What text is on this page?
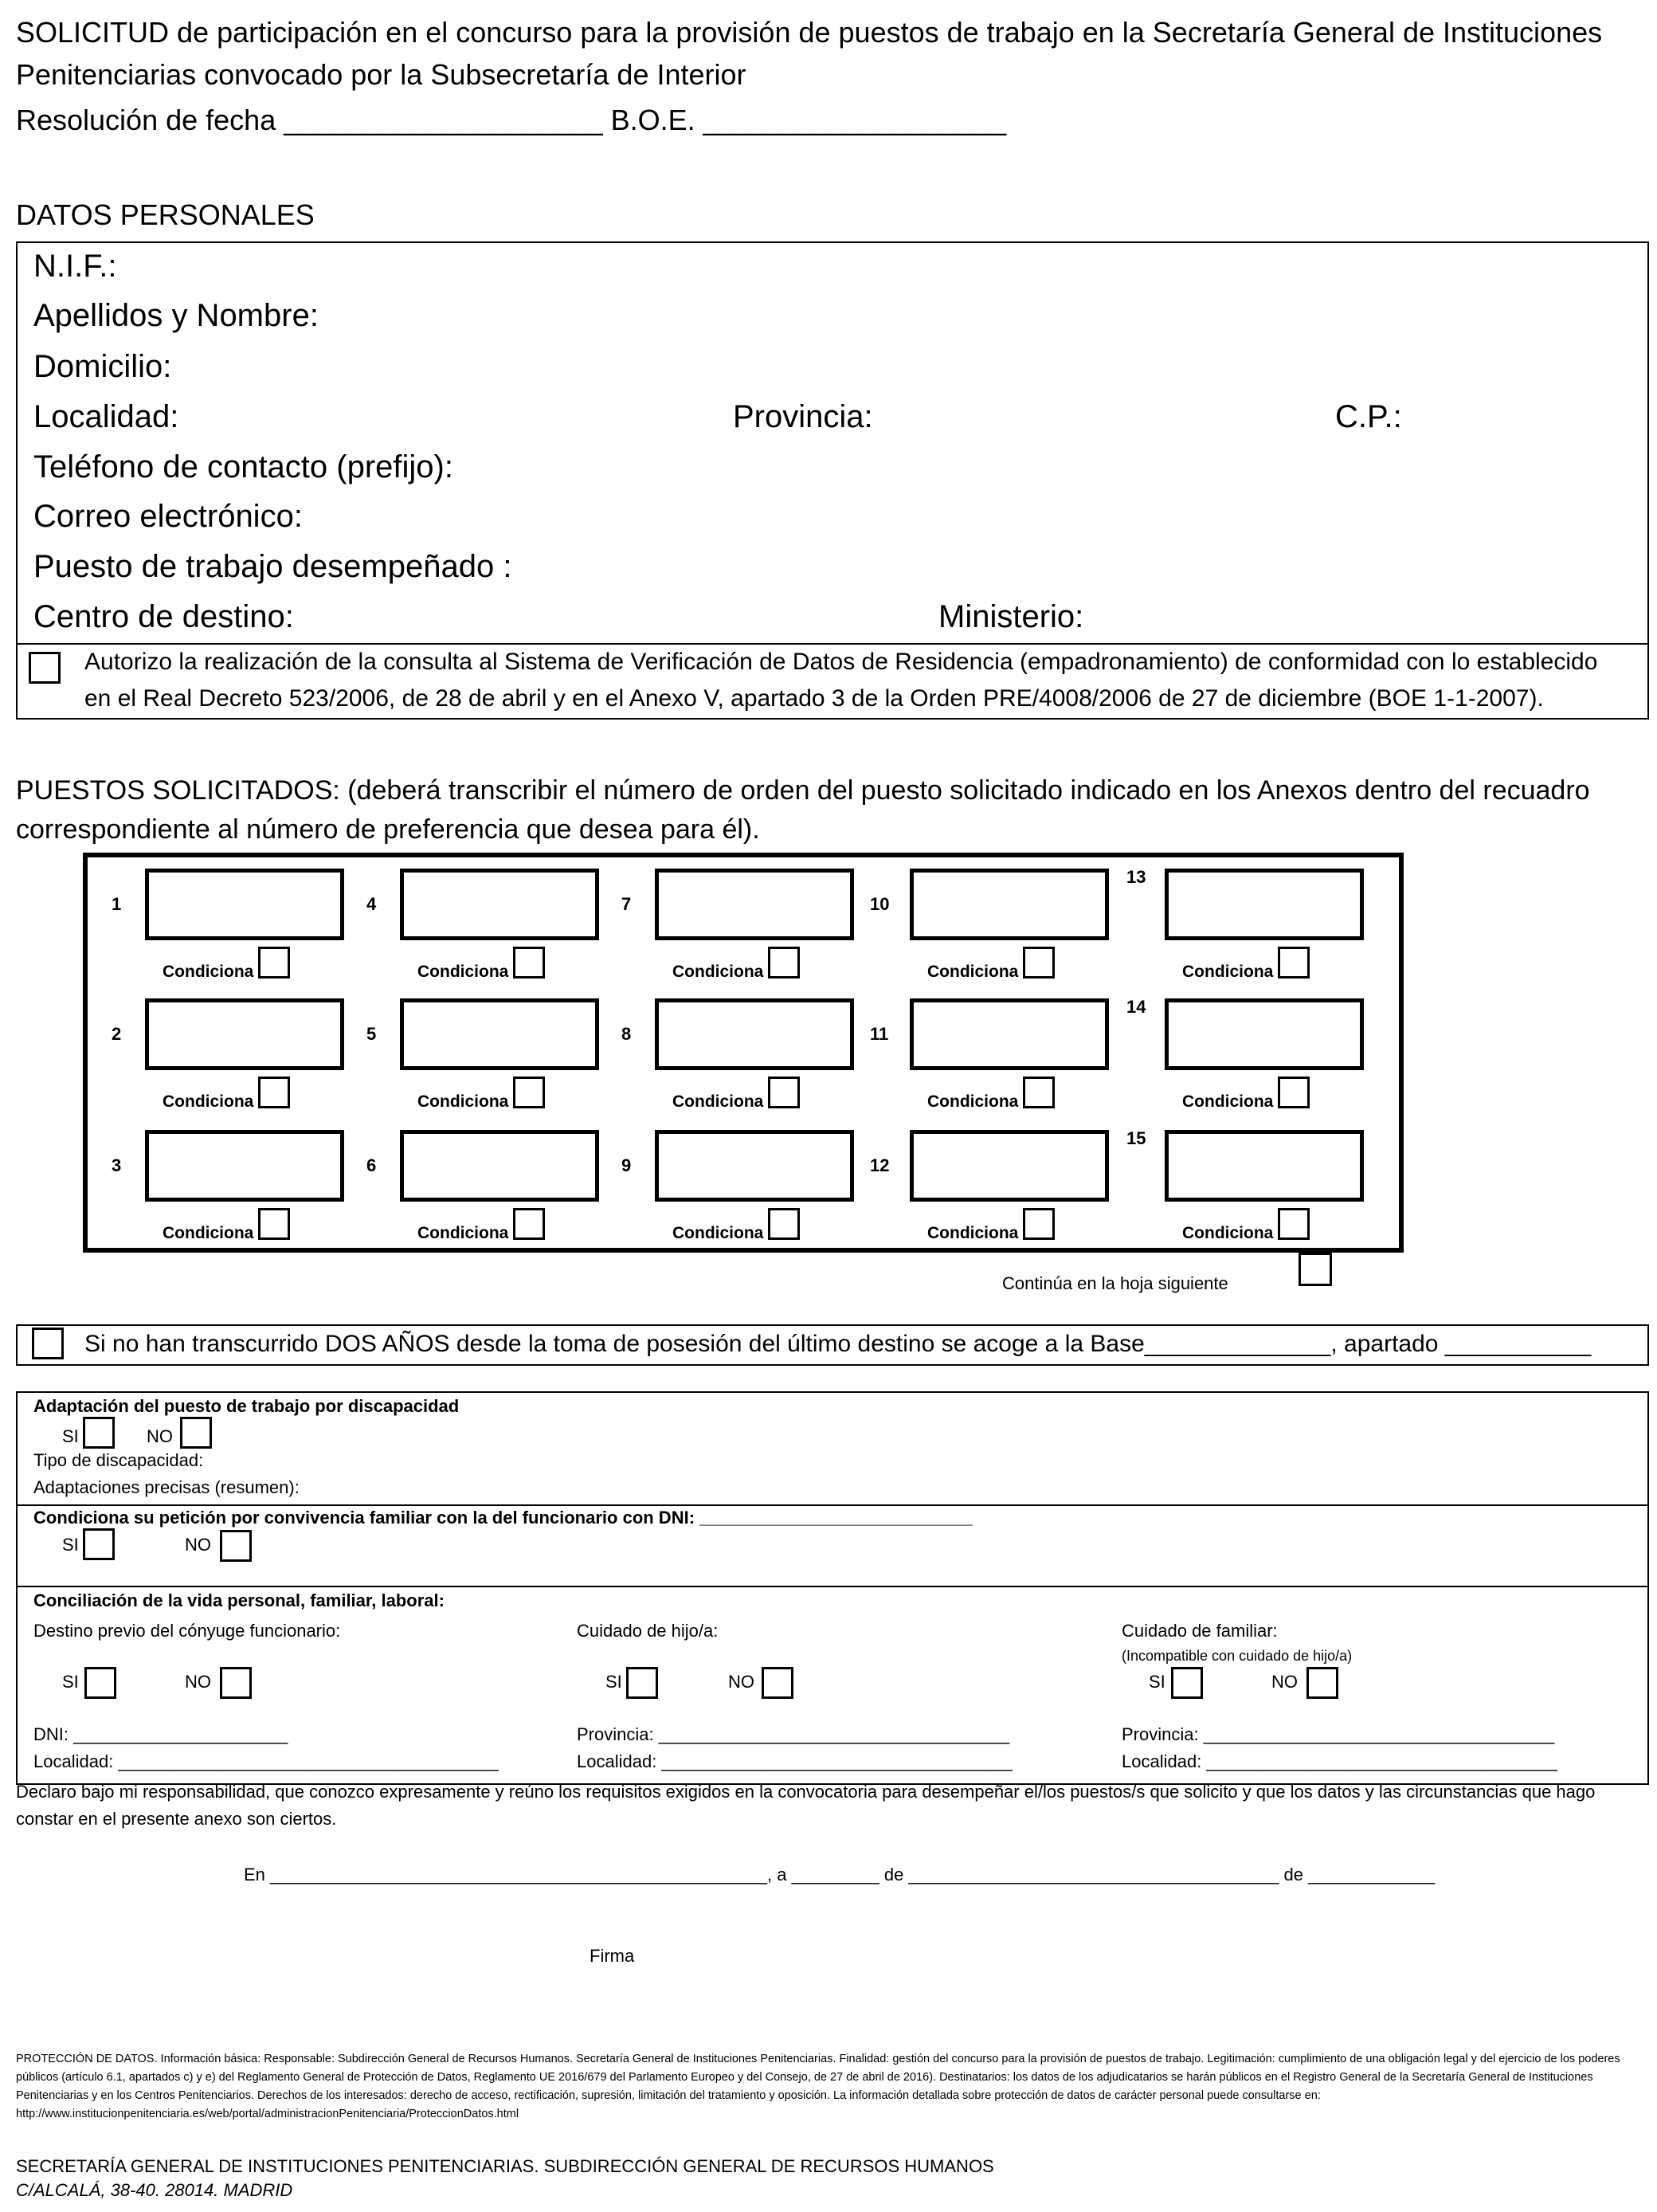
SOLICITUD de participación en el concurso para la provisión de puestos de trabajo en la Secretaría General de Instituciones
Penitenciarias convocado por la Subsecretaría de Interior
Resolución de fecha ____________________ B.O.E. ___________________
DATOS PERSONALES
N.I.F.:
Apellidos y Nombre:
Domicilio:
Localidad:	Provincia:	C.P.:
Teléfono de contacto (prefijo):
Correo electrónico:
Puesto de trabajo desempeñado :
Centro de destino:	Ministerio:
Autorizo la realización de la consulta al Sistema de Verificación de Datos de Residencia (empadronamiento) de conformidad con lo establecido
en el Real Decreto 523/2006, de 28 de abril y en el Anexo V, apartado 3 de la Orden PRE/4008/2006 de 27 de diciembre (BOE 1-1-2007).
PUESTOS SOLICITADOS: (deberá transcribir el número de orden del puesto solicitado indicado en los Anexos dentro del recuadro
correspondiente al número de preferencia que desea para él).
1
Condiciona
4
Condiciona
7
Condiciona
10
Condiciona
13
Condiciona
2
Condiciona
5
Condiciona
8
Condiciona
11
Condiciona
14
Condiciona
3
Condiciona
6
Condiciona
9
Condiciona
12
Condiciona
15
Condiciona
Continúa en la hoja siguiente
Si no han transcurrido DOS AÑOS desde la toma de posesión del último destino se acoge a la Base______________, apartado ___________
Adaptación del puesto de trabajo por discapacidad
SI	NO
Tipo de discapacidad:
Adaptaciones precisas (resumen):
Condiciona su petición por convivencia familiar con la del funcionario con DNI: ____________________________
SI	NO
Conciliación de la vida personal, familiar, laboral:
Destino previo del cónyuge funcionario:	Cuidado de hijo/a:	Cuidado de familiar:
(Incompatible con cuidado de hijo/a)
SI	NO	SI	NO	SI	NO
DNI: ______________________
Localidad: _______________________________________
Provincia: ____________________________________
Localidad: ____________________________________
Provincia: ____________________________________
Localidad: ____________________________________
Declaro bajo mi responsabilidad, que conozco expresamente y reúno los requisitos exigidos en la convocatoria para desempeñar el/los puestos/s que solicito y que los datos y las circunstancias que hago
constar en el presente anexo son ciertos.
En ___________________________________________________, a _________ de ______________________________________ de _____________
Firma
PROTECCIÓN DE DATOS. Información básica: Responsable: Subdirección General de Recursos Humanos. Secretaría General de Instituciones Penitenciarias. Finalidad: gestión del concurso para la provisión de puestos de trabajo. Legitimación: cumplimiento de una obligación legal y del ejercicio de los poderes
públicos (artículo 6.1, apartados c) y e) del Reglamento General de Protección de Datos, Reglamento UE 2016/679 del Parlamento Europeo y del Consejo, de 27 de abril de 2016). Destinatarios: los datos de los adjudicatarios se harán públicos en el Registro General de la Secretaría General de Instituciones
Penitenciarias y en los Centros Penitenciarios. Derechos de los interesados: derecho de acceso, rectificación, supresión, limitación del tratamiento y oposición. La información detallada sobre protección de datos de carácter personal puede consultarse en:
http://www.institucionpenitenciaria.es/web/portal/administracionPenitenciaria/ProteccionDatos.html
SECRETARÍA GENERAL DE INSTITUCIONES PENITENCIARIAS. SUBDIRECCIÓN GENERAL DE RECURSOS HUMANOS
C/ALCALÁ, 38-40. 28014. MADRID
